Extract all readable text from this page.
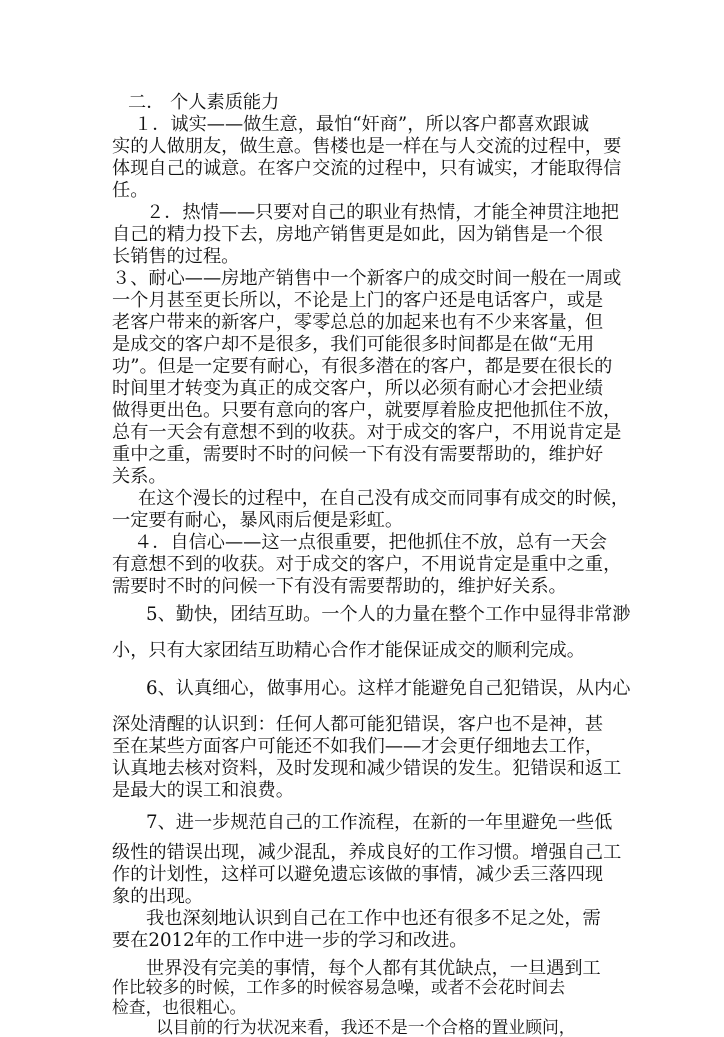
二． 个人素质能力
１．诚实——做生意，最怕“奸商”，所以客户都喜欢跟诚
实的人做朋友，做生意。售楼也是一样在与人交流的过程中，要
体现自己的诚意。在客户交流的过程中，只有诚实，才能取得信
任。
２．热情——只要对自己的职业有热情，才能全神贯注地把
自己的精力投下去，房地产销售更是如此，因为销售是一个很
长销售的过程。
３、耐心——房地产销售中一个新客户的成交时间一般在一周或
一个月甚至更长所以，不论是上门的客户还是电话客户，或是
老客户带来的新客户，零零总总的加起来也有不少来客量，但
是成交的客户却不是很多，我们可能很多时间都是在做“无用
功”。但是一定要有耐心，有很多潜在的客户，都是要在很长的
时间里才转变为真正的成交客户，所以必须有耐心才会把业绩
做得更出色。只要有意向的客户，就要厚着脸皮把他抓住不放，
总有一天会有意想不到的收获。对于成交的客户，不用说肯定是
重中之重，需要时不时的问候一下有没有需要帮助的，维护好
关系。
在这个漫长的过程中，在自己没有成交而同事有成交的时候，
一定要有耐心，暴风雨后便是彩虹。
４．自信心——这一点很重要，把他抓住不放，总有一天会
有意想不到的收获。对于成交的客户，不用说肯定是重中之重，
需要时不时的问候一下有没有需要帮助的，维护好关系。
5、勤快，团结互助。一个人的力量在整个工作中显得非常渺
小，只有大家团结互助精心合作才能保证成交的顺利完成。
6、认真细心，做事用心。这样才能避免自己犯错误，从内心
深处清醒的认识到：任何人都可能犯错误，客户也不是神，甚
至在某些方面客户可能还不如我们——才会更仔细地去工作，
认真地去核对资料，及时发现和减少错误的发生。犯错误和返工
是最大的误工和浪费。
7、进一步规范自己的工作流程，在新的一年里避免一些低
级性的错误出现，减少混乱，养成良好的工作习惯。增强自己工
作的计划性，这样可以避免遗忘该做的事情，减少丢三落四现
象的出现。
我也深刻地认识到自己在工作中也还有很多不足之处，需
要在2012年的工作中进一步的学习和改进。
世界没有完美的事情，每个人都有其优缺点，一旦遇到工
作比较多的时候，工作多的时候容易急噪，或者不会花时间去
检查，也很粗心。
以目前的行为状况来看，我还不是一个合格的置业顾问，
